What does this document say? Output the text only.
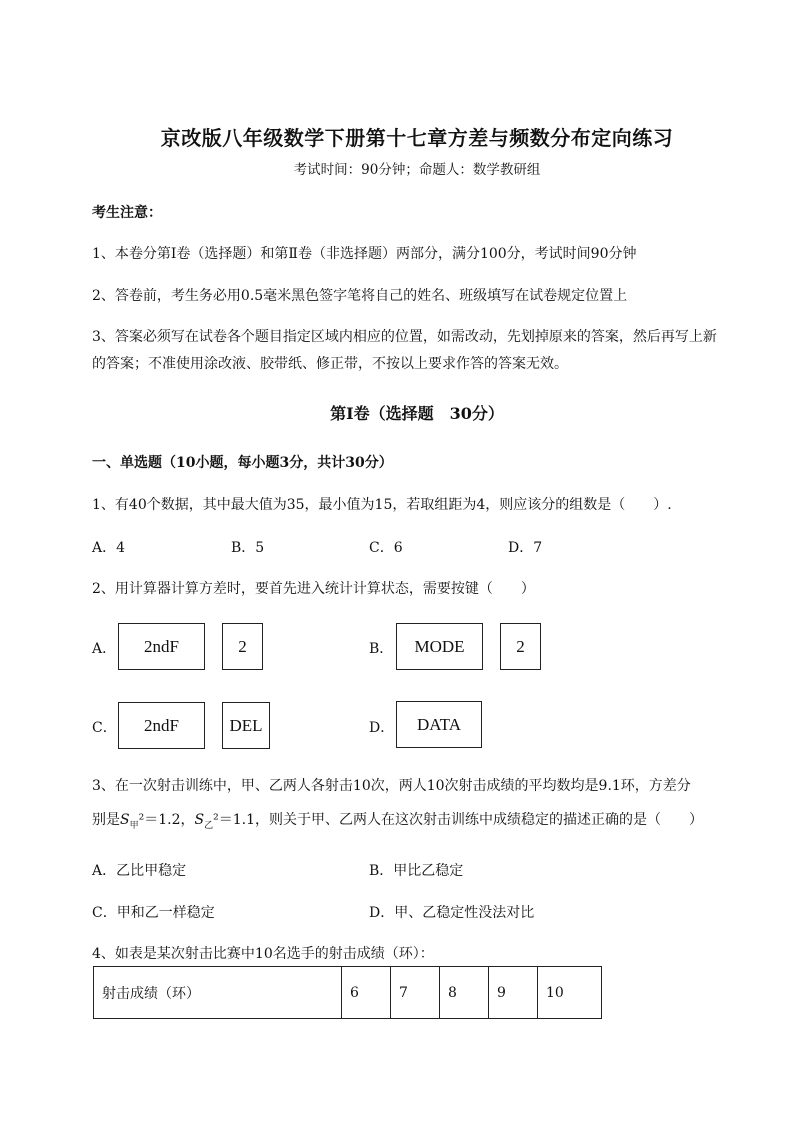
京改版八年级数学下册第十七章方差与频数分布定向练习
考试时间：90分钟；命题人：数学教研组
考生注意：
1、本卷分第I卷（选择题）和第Ⅱ卷（非选择题）两部分，满分100分，考试时间90分钟
2、答卷前，考生务必用0.5毫米黑色签字笔将自己的姓名、班级填写在试卷规定位置上
3、答案必须写在试卷各个题目指定区域内相应的位置，如需改动，先划掉原来的答案，然后再写上新
的答案；不准使用涂改液、胶带纸、修正带，不按以上要求作答的答案无效。
第I卷（选择题　30分）
一、单选题（10小题，每小题3分，共计30分）
1、有40个数据，其中最大值为35，最小值为15，若取组距为4，则应该分的组数是（　　）.
A．4	B．5	C．6	D．7
2、用计算器计算方差时，要首先进入统计计算状态，需要按键（　　）
A．	2ndF	2	B．	MODE	2
C．	2ndF	DEL	D．	DATA
3、在一次射击训练中，甲、乙两人各射击10次，两人10次射击成绩的平均数均是9.1环，方差分
别是$S_甲^2=1.2$，$S_乙^2=1.1$，则关于甲、乙两人在这次射击训练中成绩稳定的描述正确的是（　　）
A．乙比甲稳定	B．甲比乙稳定
C．甲和乙一样稳定	D．甲、乙稳定性没法对比
4、如表是某次射击比赛中10名选手的射击成绩（环）：
射击成绩（环）	6	7	8	9	10
